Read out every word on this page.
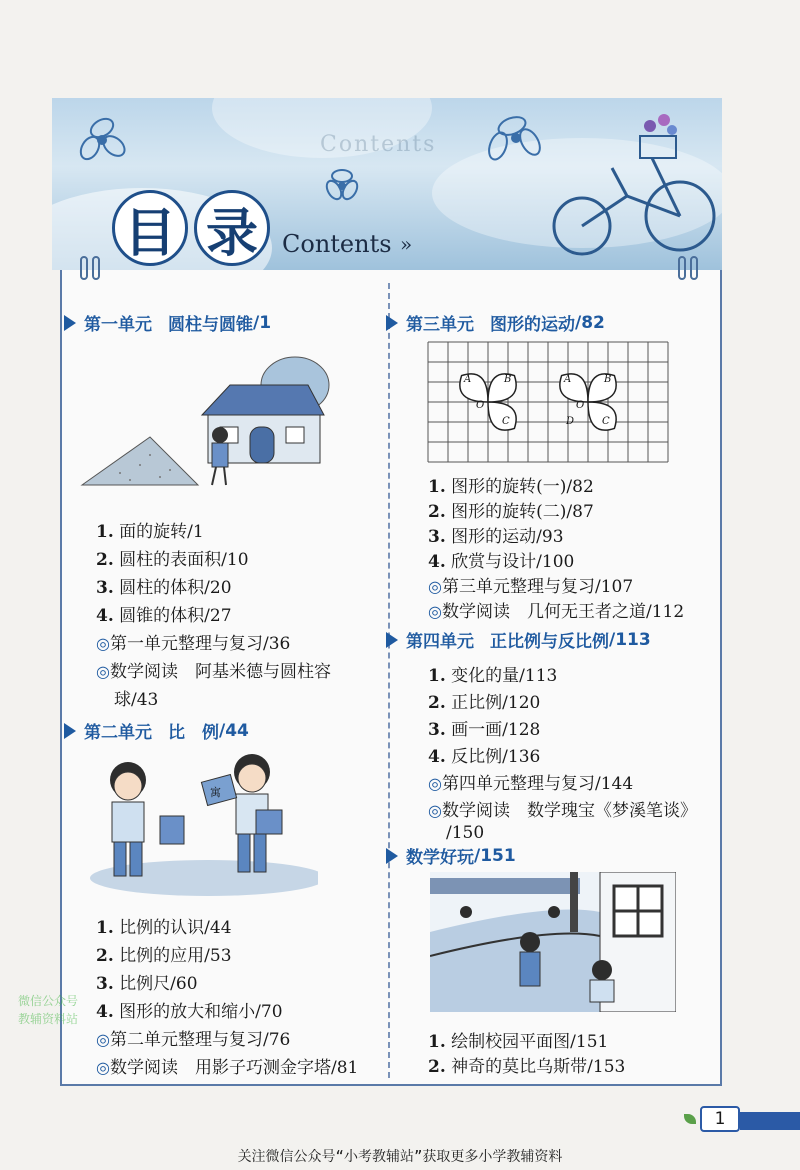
Contents
目 录	Contents »
第一单元 圆柱与圆锥 /1
1. 面的旋转/1
2. 圆柱的表面积/10
3. 圆柱的体积/20
4. 圆锥的体积/27
◎第一单元整理与复习/36
◎数学阅读　阿基米德与圆柱容
球/43
第二单元 比　例 /44
寓
1. 比例的认识/44
2. 比例的应用/53
3. 比例尺/60
4. 图形的放大和缩小/70
◎第二单元整理与复习/76
◎数学阅读　用影子巧测金字塔/81
第三单元 图形的运动 /82
A	B
O
C
A	B
O
D	C
1. 图形的旋转(一)/82
2. 图形的旋转(二)/87
3. 图形的运动/93
4. 欣赏与设计/100
◎第三单元整理与复习/107
◎数学阅读　几何无王者之道/112
第四单元 正比例与反比例 /113
1. 变化的量/113
2. 正比例/120
3. 画一画/128
4. 反比例/136
◎第四单元整理与复习/144
◎数学阅读　数学瑰宝《梦溪笔谈》
/150
数学好玩 /151
1. 绘制校园平面图/151
2. 神奇的莫比乌斯带/153
微信公众号
教辅资料站
1
关注微信公众号“小考教辅站”获取更多小学教辅资料
